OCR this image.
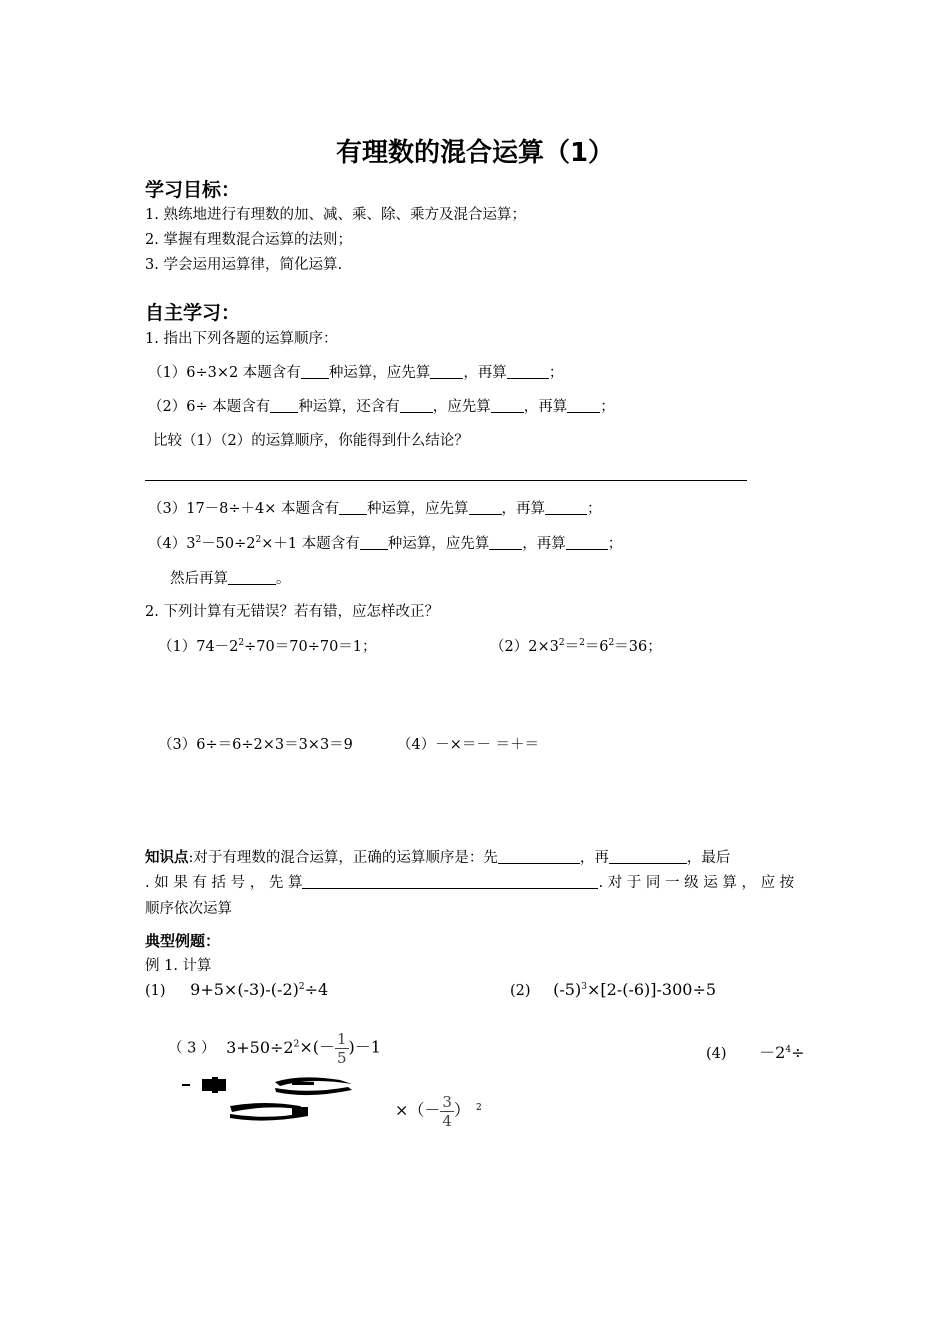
有理数的混合运算（1）
学习目标：
1. 熟练地进行有理数的加、减、乘、除、乘方及混合运算；
2. 掌握有理数混合运算的法则；
3. 学会运用运算律，简化运算.
自主学习：
1. 指出下列各题的运算顺序：
（1）6÷3×2 本题含有 种运算，应先算 ，再算	；
（2）6÷ 本题含有 种运算，还含有 ，应先算 ，再算 ；
比较（1）（2）的运算顺序，你能得到什么结论？
（3）17－8÷＋4× 本题含有 种运算，应先算 ，再算	；
$(4)3^2-50\div 2^2\times+1$ 本题含有 种运算，应先算 ，再算	；
然后再算	。
2. 下列计算有无错误？若有错，应怎样改正？
$(1)74-2^2\div 70=70\div 70=1$；	$(2)2\times 3^2=^2=6^2=36$；
（3）6÷＝6÷2×3＝3×3＝9	（4）－×＝－ ＝＋＝
知识点:对于有理数的混合运算，正确的运算顺序是：先	，再	，最后
. 如 果 有 括 号 ， 先 算	. 对 于 同 一 级 运 算 ， 应 按
顺序依次运算
典型例题：
例 1. 计算
(1) $9+5\times(-3)-(-2)^2\div 4$	(2) $(-5)^3\times[2-(-6)]-300\div 5$
（ 3 ） $3+50\div 2^2\times(- \frac{1}{5} )-1$	$(4) -2^4\div$
×（－ $\frac{3}{4}$ ） $^2$
